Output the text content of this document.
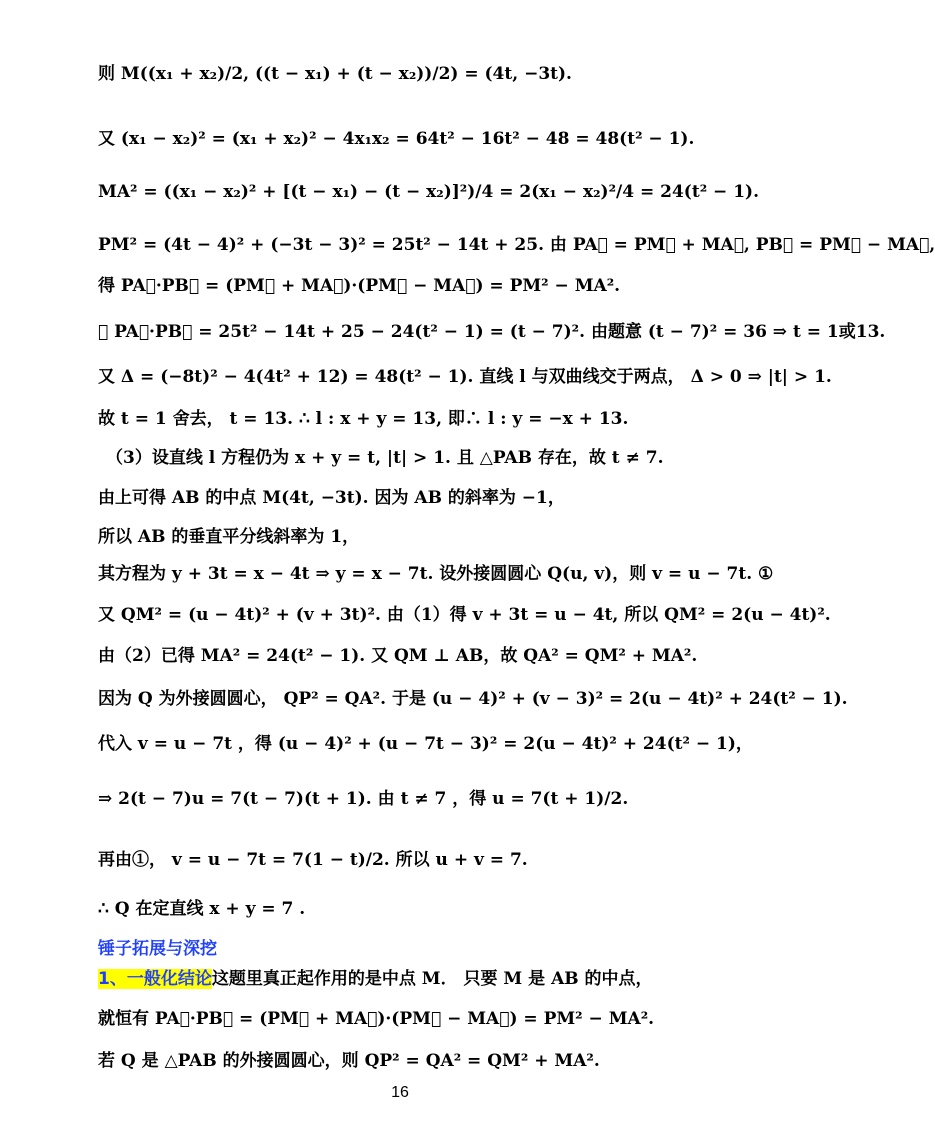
则 M((x₁ + x₂)/2, ((t − x₁) + (t − x₂))/2) = (4t, −3t).
又 (x₁ − x₂)² = (x₁ + x₂)² − 4x₁x₂ = 64t² − 16t² − 48 = 48(t² − 1).
MA² = ((x₁ − x₂)² + [(t − x₁) − (t − x₂)]²)/4 = 2(x₁ − x₂)²/4 = 24(t² − 1).
PM² = (4t − 4)² + (−3t − 3)² = 25t² − 14t + 25. 由 PA⃗ = PM⃗ + MA⃗, PB⃗ = PM⃗ − MA⃗,
得 PA⃗·PB⃗ = (PM⃗ + MA⃗)·(PM⃗ − MA⃗) = PM² − MA².
∴ PA⃗·PB⃗ = 25t² − 14t + 25 − 24(t² − 1) = (t − 7)². 由题意 (t − 7)² = 36 ⇒ t = 1或13.
又 Δ = (−8t)² − 4(4t² + 12) = 48(t² − 1). 直线 l 与双曲线交于两点， Δ > 0 ⇒ |t| > 1.
故 t = 1 舍去， t = 13. ∴ l : x + y = 13, 即∴ l : y = −x + 13.
（3）设直线 l 方程仍为 x + y = t, |t| > 1. 且 △PAB 存在，故 t ≠ 7.
由上可得 AB 的中点 M(4t, −3t). 因为 AB 的斜率为 −1，
所以 AB 的垂直平分线斜率为 1，
其方程为 y + 3t = x − 4t ⇒ y = x − 7t. 设外接圆圆心 Q(u, v)，则 v = u − 7t. ①
又 QM² = (u − 4t)² + (v + 3t)². 由（1）得 v + 3t = u − 4t, 所以 QM² = 2(u − 4t)².
由（2）已得 MA² = 24(t² − 1). 又 QM ⊥ AB，故 QA² = QM² + MA².
因为 Q 为外接圆圆心， QP² = QA². 于是 (u − 4)² + (v − 3)² = 2(u − 4t)² + 24(t² − 1).
代入 v = u − 7t ，得 (u − 4)² + (u − 7t − 3)² = 2(u − 4t)² + 24(t² − 1)，
⇒ 2(t − 7)u = 7(t − 7)(t + 1). 由 t ≠ 7 ，得 u = 7(t + 1)/2.
再由①， v = u − 7t = 7(1 − t)/2. 所以 u + v = 7.
∴ Q 在定直线 x + y = 7 .
锤子拓展与深挖
1、一般化结论这题里真正起作用的是中点 M． 只要 M 是 AB 的中点，
就恒有 PA⃗·PB⃗ = (PM⃗ + MA⃗)·(PM⃗ − MA⃗) = PM² − MA².
若 Q 是 △PAB 的外接圆圆心，则 QP² = QA² = QM² + MA².
16
